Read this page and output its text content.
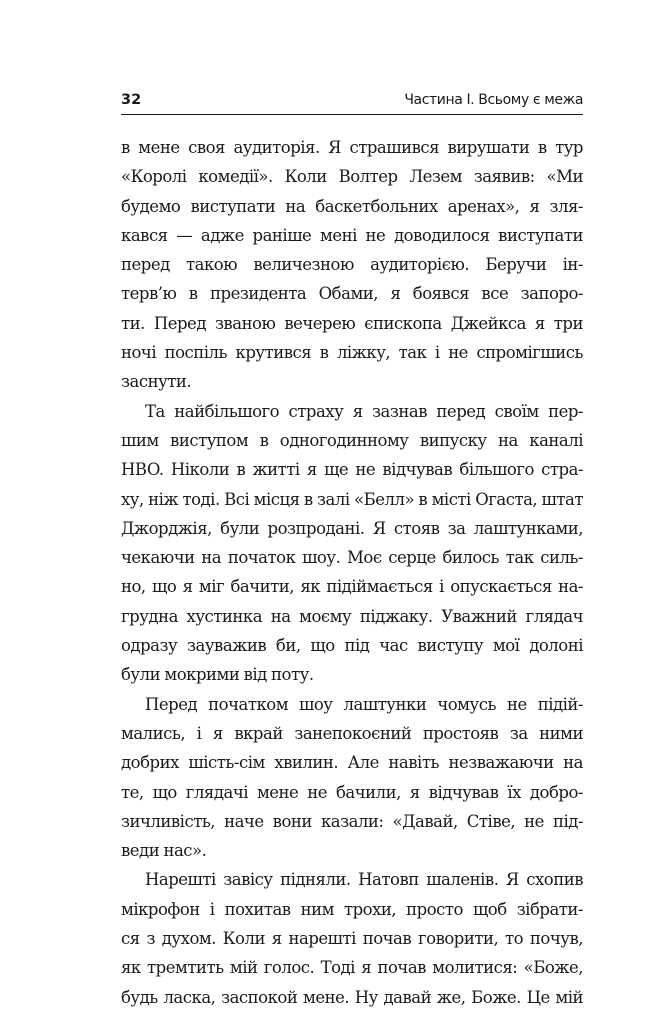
32	Частина І. Всьому є межа
в мене своя аудиторія. Я страшився вирушати в тур
«Королі комедії». Коли Волтер Лезем заявив: «Ми
будемо виступати на баскетбольних аренах», я зля-
кався — адже раніше мені не доводилося виступати
перед такою величезною аудиторією. Беручи ін-
терв’ю в президента Обами, я боявся все запоро-
ти. Перед званою вечерею єпископа Джейкса я три
ночі поспіль крутився в ліжку, так і не спромігшись
заснути.
Та найбільшого страху я зазнав перед своїм пер-
шим виступом в одногодинному випуску на каналі
HBO. Ніколи в житті я ще не відчував більшого стра-
ху, ніж тоді. Всі місця в залі «Белл» в місті Огаста, штат
Джорджія, були розпродані. Я стояв за лаштунками,
чекаючи на початок шоу. Моє серце билось так силь-
но, що я міг бачити, як підіймається і опускається на-
грудна хустинка на моєму піджаку. Уважний глядач
одразу зауважив би, що під час виступу мої долоні
були мокрими від поту.
Перед початком шоу лаштунки чомусь не підій-
мались, і я вкрай занепокоєний простояв за ними
добрих шість-сім хвилин. Але навіть незважаючи на
те, що глядачі мене не бачили, я відчував їх добро-
зичливість, наче вони казали: «Давай, Стіве, не під-
веди нас».
Нарешті завісу підняли. Натовп шаленів. Я схопив
мікрофон і похитав ним трохи, просто щоб зібрати-
ся з духом. Коли я нарешті почав говорити, то почув,
як тремтить мій голос. Тоді я почав молитися: «Боже,
будь ласка, заспокой мене. Ну давай же, Боже. Це мій
